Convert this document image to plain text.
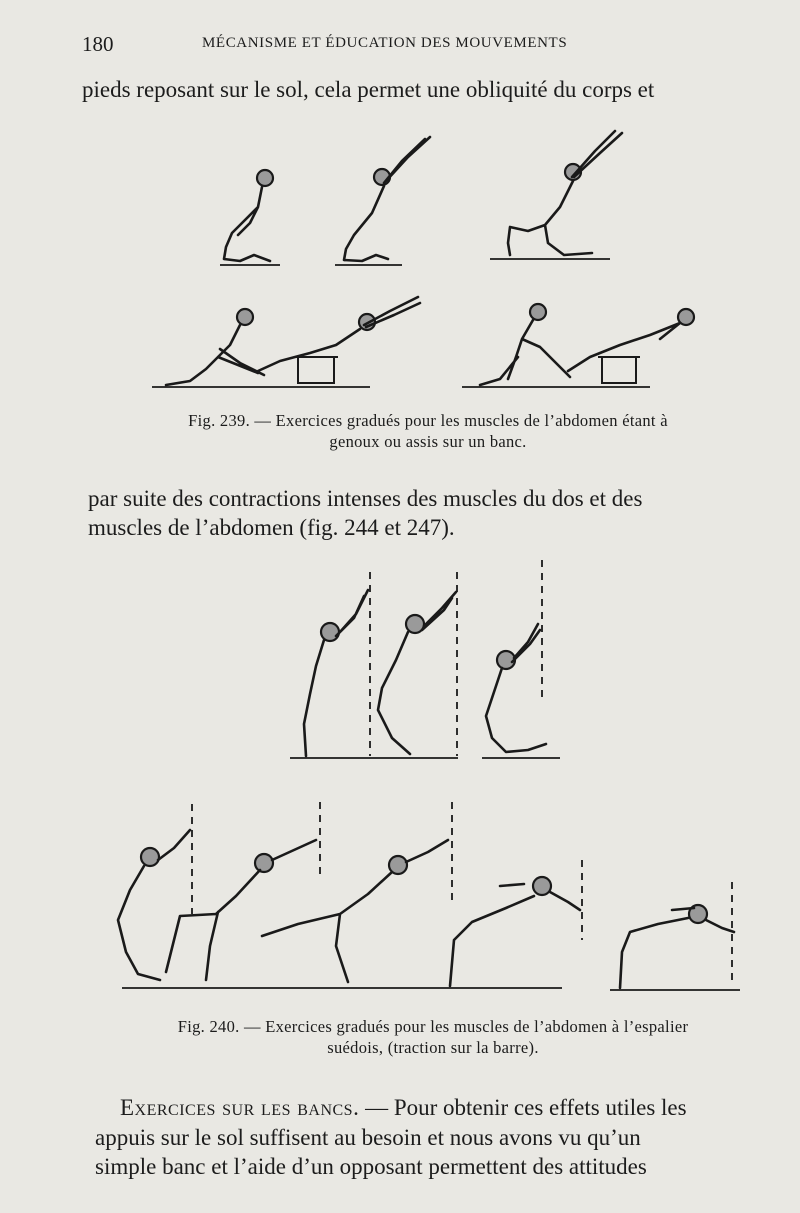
180	MÉCANISME ET ÉDUCATION DES MOUVEMENTS
pieds reposant sur le sol, cela permet une obliquité du corps et
Fig. 239. — Exercices gradués pour les muscles de l’abdomen étant à
genoux ou assis sur un banc.
par suite des contractions intenses des muscles du dos et des
muscles de l’abdomen (fig. 244 et 247).
Fig. 240. — Exercices gradués pour les muscles de l’abdomen à l’espalier
suédois, (traction sur la barre).
Exercices sur les bancs. — Pour obtenir ces effets utiles les
appuis sur le sol suffisent au besoin et nous avons vu qu’un
simple banc et l’aide d’un opposant permettent des attitudes
